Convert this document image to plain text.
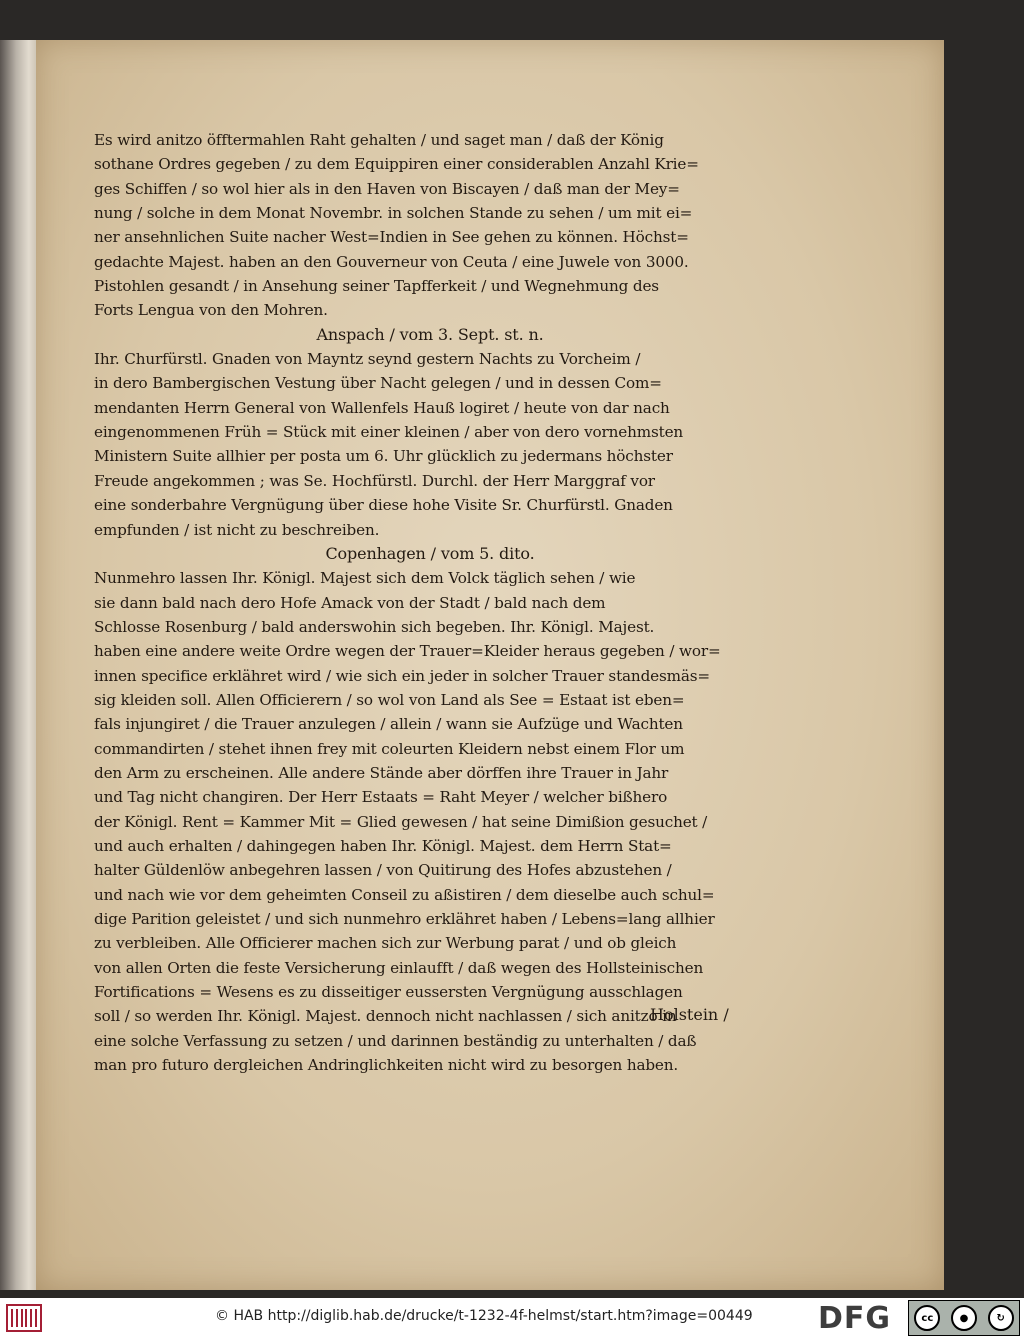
Es wird anitzo öfftermahlen Raht gehalten / und saget man / daß der König
sothane Ordres gegeben / zu dem Equippiren einer considerablen Anzahl Krie=
ges Schiffen / so wol hier als in den Haven von Biscayen / daß man der Mey=
nung / solche in dem Monat Novembr. in solchen Stande zu sehen / um mit ei=
ner ansehnlichen Suite nacher West=Indien in See gehen zu können. Höchst=
gedachte Majest. haben an den Gouverneur von Ceuta / eine Juwele von 3000.
Pistohlen gesandt / in Ansehung seiner Tapfferkeit / und Wegnehmung des
Forts Lengua von den Mohren.
Anspach / vom 3. Sept. st. n.
Ihr. Churfürstl. Gnaden von Mayntz seynd gestern Nachts zu Vorcheim /
in dero Bambergischen Vestung über Nacht gelegen / und in dessen Com=
mendanten Herrn General von Wallenfels Hauß logiret / heute von dar nach
eingenommenen Früh = Stück mit einer kleinen / aber von dero vornehmsten
Ministern Suite allhier per posta um 6. Uhr glücklich zu jedermans höchster
Freude angekommen ; was Se. Hochfürstl. Durchl. der Herr Marggraf vor
eine sonderbahre Vergnügung über diese hohe Visite Sr. Churfürstl. Gnaden
empfunden / ist nicht zu beschreiben.
Copenhagen / vom 5. dito.
Nunmehro lassen Ihr. Königl. Majest sich dem Volck täglich sehen / wie
sie dann bald nach dero Hofe Amack von der Stadt / bald nach dem
Schlosse Rosenburg / bald anderswohin sich begeben. Ihr. Königl. Majest.
haben eine andere weite Ordre wegen der Trauer=Kleider heraus gegeben / wor=
innen specifice erklähret wird / wie sich ein jeder in solcher Trauer standesmäs=
sig kleiden soll. Allen Officierern / so wol von Land als See = Estaat ist eben=
fals injungiret / die Trauer anzulegen / allein / wann sie Aufzüge und Wachten
commandirten / stehet ihnen frey mit coleurten Kleidern nebst einem Flor um
den Arm zu erscheinen. Alle andere Stände aber dörffen ihre Trauer in Jahr
und Tag nicht changiren. Der Herr Estaats = Raht Meyer / welcher bißhero
der Königl. Rent = Kammer Mit = Glied gewesen / hat seine Dimißion gesuchet /
und auch erhalten / dahingegen haben Ihr. Königl. Majest. dem Herrn Stat=
halter Güldenlöw anbegehren lassen / von Quitirung des Hofes abzustehen /
und nach wie vor dem geheimten Conseil zu aßistiren / dem dieselbe auch schul=
dige Parition geleistet / und sich nunmehro erklähret haben / Lebens=lang allhier
zu verbleiben. Alle Officierer machen sich zur Werbung parat / und ob gleich
von allen Orten die feste Versicherung einlaufft / daß wegen des Hollsteinischen
Fortifications = Wesens es zu disseitiger eussersten Vergnügung ausschlagen
soll / so werden Ihr. Königl. Majest. dennoch nicht nachlassen / sich anitzo in
eine solche Verfassung zu setzen / und darinnen beständig zu unterhalten / daß
man pro futuro dergleichen Andringlichkeiten nicht wird zu besorgen haben.
Holstein /
© HAB http://diglib.hab.de/drucke/t-1232-4f-helmst/start.htm?image=00449 DFG	cc	●	↻
